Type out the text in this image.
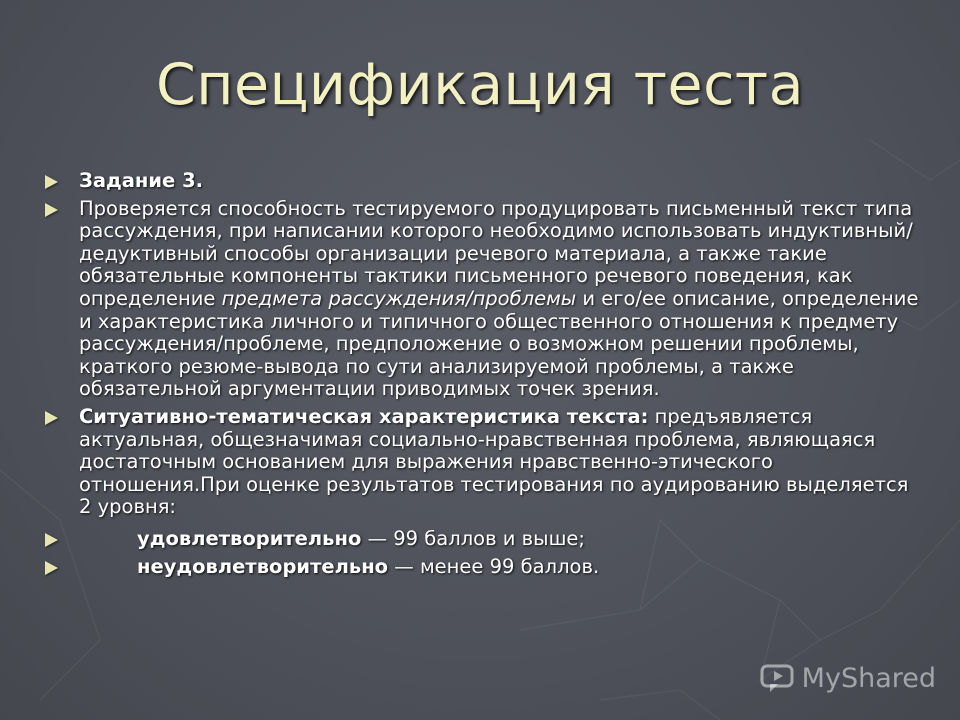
Спецификация теста
Задание 3.
Проверяется способность тестируемого продуцировать письменный текст типа рассуждения, при написании которого необходимо использовать индуктивный/дедуктивный способы организации речевого материала, а также такие обязательные компоненты тактики письменного речевого поведения, как определение предмета рассуждения/проблемы и его/ее описание, определение и характеристика личного и типичного общественного отношения к предмету рассуждения/проблеме, предположение о возможном решении проблемы, краткого резюме-вывода по сути анализируемой проблемы, а также обязательной аргументации приводимых точек зрения.
Ситуативно-тематическая характеристика текста: предъявляется актуальная, общезначимая социально-нравственная проблема, являющаяся достаточным основанием для выражения нравственно-этического отношения.При оценке результатов тестирования по аудированию выделяется 2 уровня:
удовлетворительно — 99 баллов и выше;
неудовлетворительно — менее 99 баллов.
MyShared
